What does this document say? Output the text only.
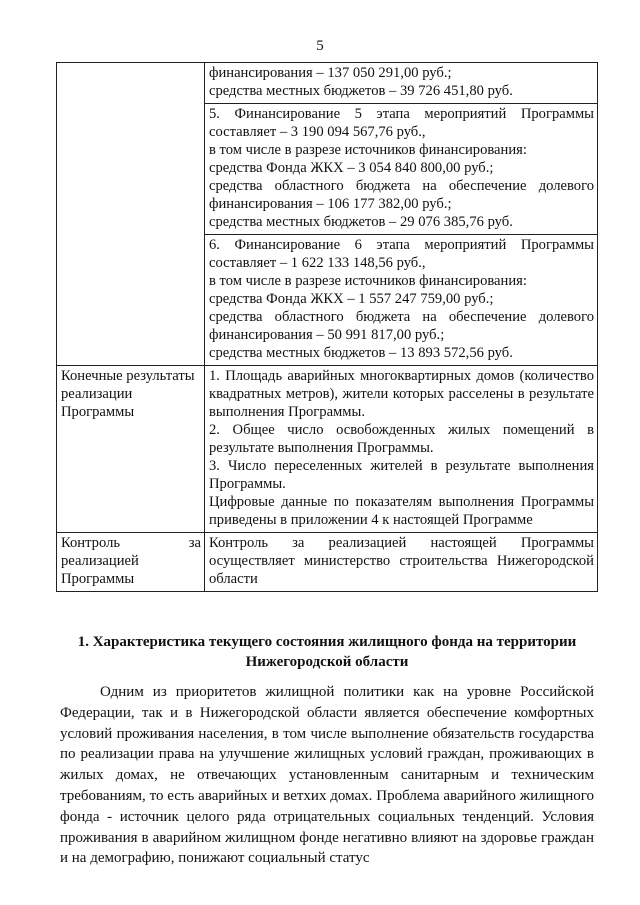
5

	финансирования – 137 050 291,00 руб.;
средства местных бюджетов – 39 726 451,80 руб.

	5. Финансирование 5 этапа мероприятий Программы составляет – 3 190 094 567,76 руб.,
в том числе в разрезе источников финансирования:
средства Фонда ЖКХ – 3 054 840 800,00 руб.;
средства областного бюджета на обеспечение долевого финансирования – 106 177 382,00 руб.;
средства местных бюджетов – 29 076 385,76 руб.

	6. Финансирование 6 этапа мероприятий Программы составляет – 1 622 133 148,56 руб.,
в том числе в разрезе источников финансирования:
средства Фонда ЖКХ – 1 557 247 759,00 руб.;
средства областного бюджета на обеспечение долевого финансирования – 50 991 817,00 руб.;
средства местных бюджетов – 13 893 572,56 руб.

Конечные результаты реализации Программы	1. Площадь аварийных многоквартирных домов (количество квадратных метров), жители которых расселены в результате выполнения Программы.
2. Общее число освобожденных жилых помещений в результате выполнения Программы.
3. Число переселенных жителей в результате выполнения Программы.
Цифровые данные по показателям выполнения Программы приведены в приложении 4 к настоящей Программе

Контроль за
реализацией Программы	Контроль за реализацией настоящей Программы осуществляет министерство строительства Нижегородской области
1. Характеристика текущего состояния жилищного фонда на территории Нижегородской области

Одним из приоритетов жилищной политики как на уровне Российской Федерации, так и в Нижегородской области является обеспечение комфортных условий проживания населения, в том числе выполнение обязательств государства по реализации права на улучшение жилищных условий граждан, проживающих в жилых домах, не отвечающих установленным санитарным и техническим требованиям, то есть аварийных и ветхих домах. Проблема аварийного жилищного фонда - источник целого ряда отрицательных социальных тенденций. Условия проживания в аварийном жилищном фонде негативно влияют на здоровье граждан и на демографию, понижают социальный статус
